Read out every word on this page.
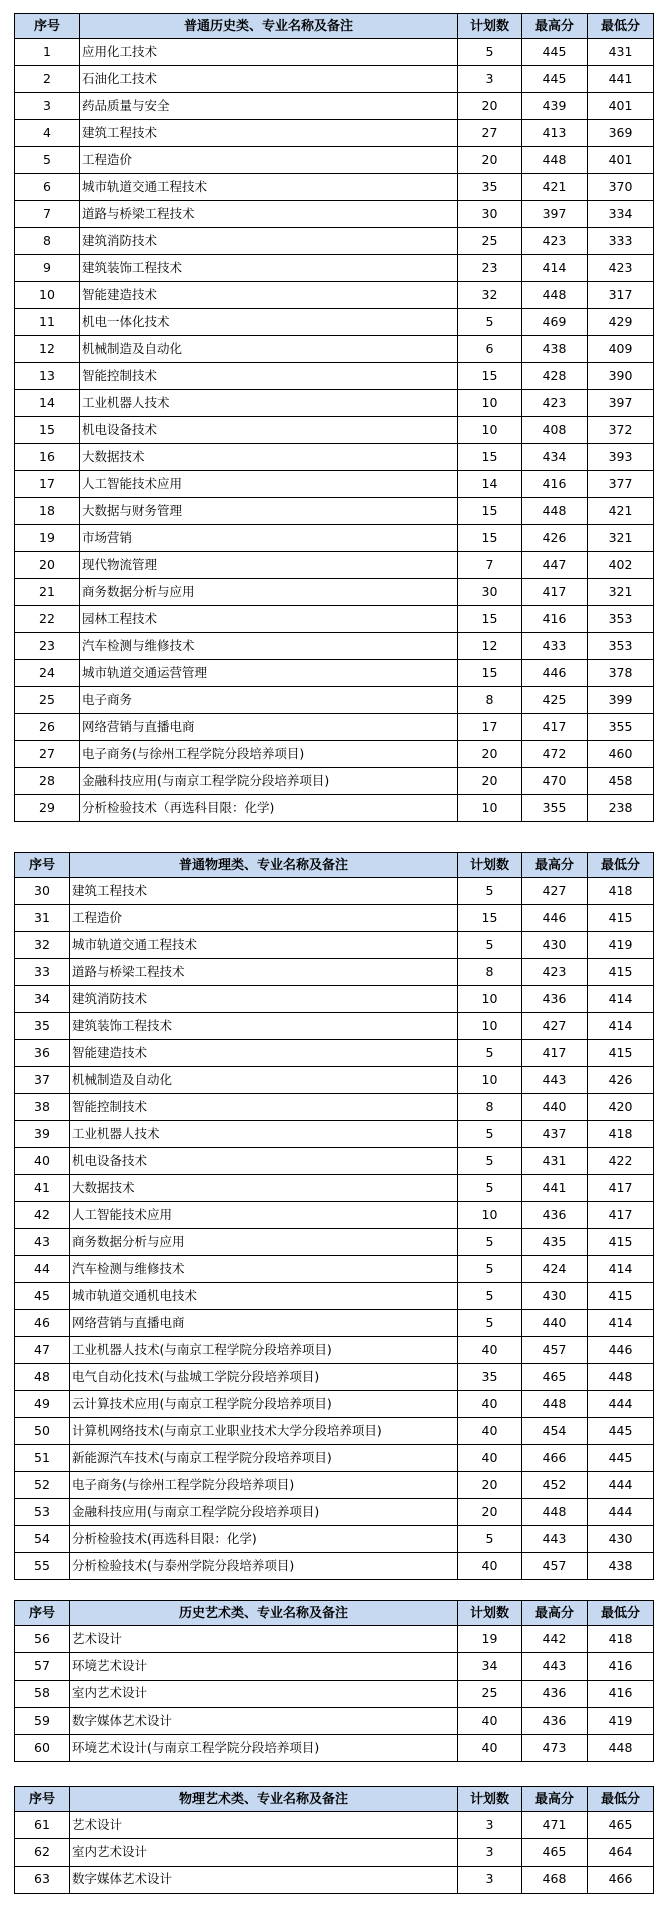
序号	普通历史类、专业名称及备注	计划数	最高分	最低分
1	应用化工技术	5	445	431
2	石油化工技术	3	445	441
3	药品质量与安全	20	439	401
4	建筑工程技术	27	413	369
5	工程造价	20	448	401
6	城市轨道交通工程技术	35	421	370
7	道路与桥梁工程技术	30	397	334
8	建筑消防技术	25	423	333
9	建筑装饰工程技术	23	414	423
10	智能建造技术	32	448	317
11	机电一体化技术	5	469	429
12	机械制造及自动化	6	438	409
13	智能控制技术	15	428	390
14	工业机器人技术	10	423	397
15	机电设备技术	10	408	372
16	大数据技术	15	434	393
17	人工智能技术应用	14	416	377
18	大数据与财务管理	15	448	421
19	市场营销	15	426	321
20	现代物流管理	7	447	402
21	商务数据分析与应用	30	417	321
22	园林工程技术	15	416	353
23	汽车检测与维修技术	12	433	353
24	城市轨道交通运营管理	15	446	378
25	电子商务	8	425	399
26	网络营销与直播电商	17	417	355
27	电子商务(与徐州工程学院分段培养项目)	20	472	460
28	金融科技应用(与南京工程学院分段培养项目)	20	470	458
29	分析检验技术（再选科目限：化学)	10	355	238
序号	普通物理类、专业名称及备注	计划数	最高分	最低分
30	建筑工程技术	5	427	418
31	工程造价	15	446	415
32	城市轨道交通工程技术	5	430	419
33	道路与桥梁工程技术	8	423	415
34	建筑消防技术	10	436	414
35	建筑装饰工程技术	10	427	414
36	智能建造技术	5	417	415
37	机械制造及自动化	10	443	426
38	智能控制技术	8	440	420
39	工业机器人技术	5	437	418
40	机电设备技术	5	431	422
41	大数据技术	5	441	417
42	人工智能技术应用	10	436	417
43	商务数据分析与应用	5	435	415
44	汽车检测与维修技术	5	424	414
45	城市轨道交通机电技术	5	430	415
46	网络营销与直播电商	5	440	414
47	工业机器人技术(与南京工程学院分段培养项目)	40	457	446
48	电气自动化技术(与盐城工学院分段培养项目)	35	465	448
49	云计算技术应用(与南京工程学院分段培养项目)	40	448	444
50	计算机网络技术(与南京工业职业技术大学分段培养项目)	40	454	445
51	新能源汽车技术(与南京工程学院分段培养项目)	40	466	445
52	电子商务(与徐州工程学院分段培养项目)	20	452	444
53	金融科技应用(与南京工程学院分段培养项目)	20	448	444
54	分析检验技术(再选科目限：化学)	5	443	430
55	分析检验技术(与泰州学院分段培养项目)	40	457	438
序号	历史艺术类、专业名称及备注	计划数	最高分	最低分
56	艺术设计	19	442	418
57	环境艺术设计	34	443	416
58	室内艺术设计	25	436	416
59	数字媒体艺术设计	40	436	419
60	环境艺术设计(与南京工程学院分段培养项目)	40	473	448
序号	物理艺术类、专业名称及备注	计划数	最高分	最低分
61	艺术设计	3	471	465
62	室内艺术设计	3	465	464
63	数字媒体艺术设计	3	468	466
